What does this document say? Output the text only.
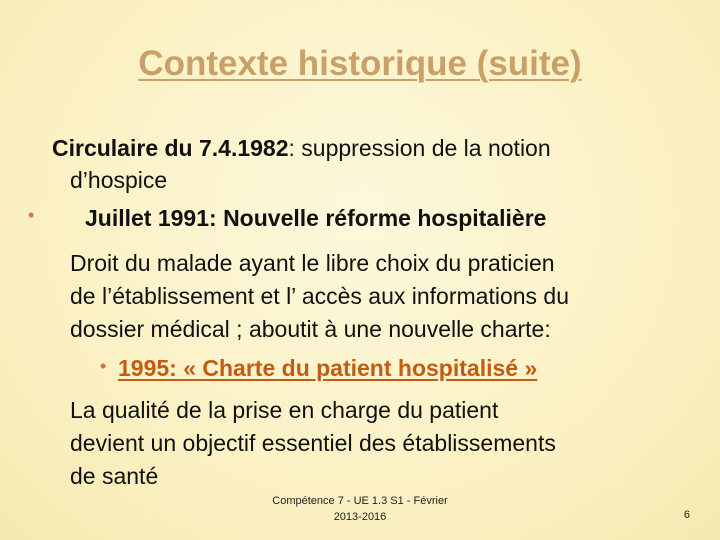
Contexte historique (suite)
Circulaire du 7.4.1982: suppression de la notion
d’hospice
• Juillet 1991: Nouvelle réforme hospitalière
Droit du malade ayant le libre choix du praticien
de l’établissement et l’ accès aux informations du
dossier médical ; aboutit à une nouvelle charte:
• 1995: « Charte du patient hospitalisé »
La qualité de la prise en charge du patient
devient un objectif essentiel des établissements
de santé
Compétence 7 - UE 1.3 S1 - Février
2013-2016	6
